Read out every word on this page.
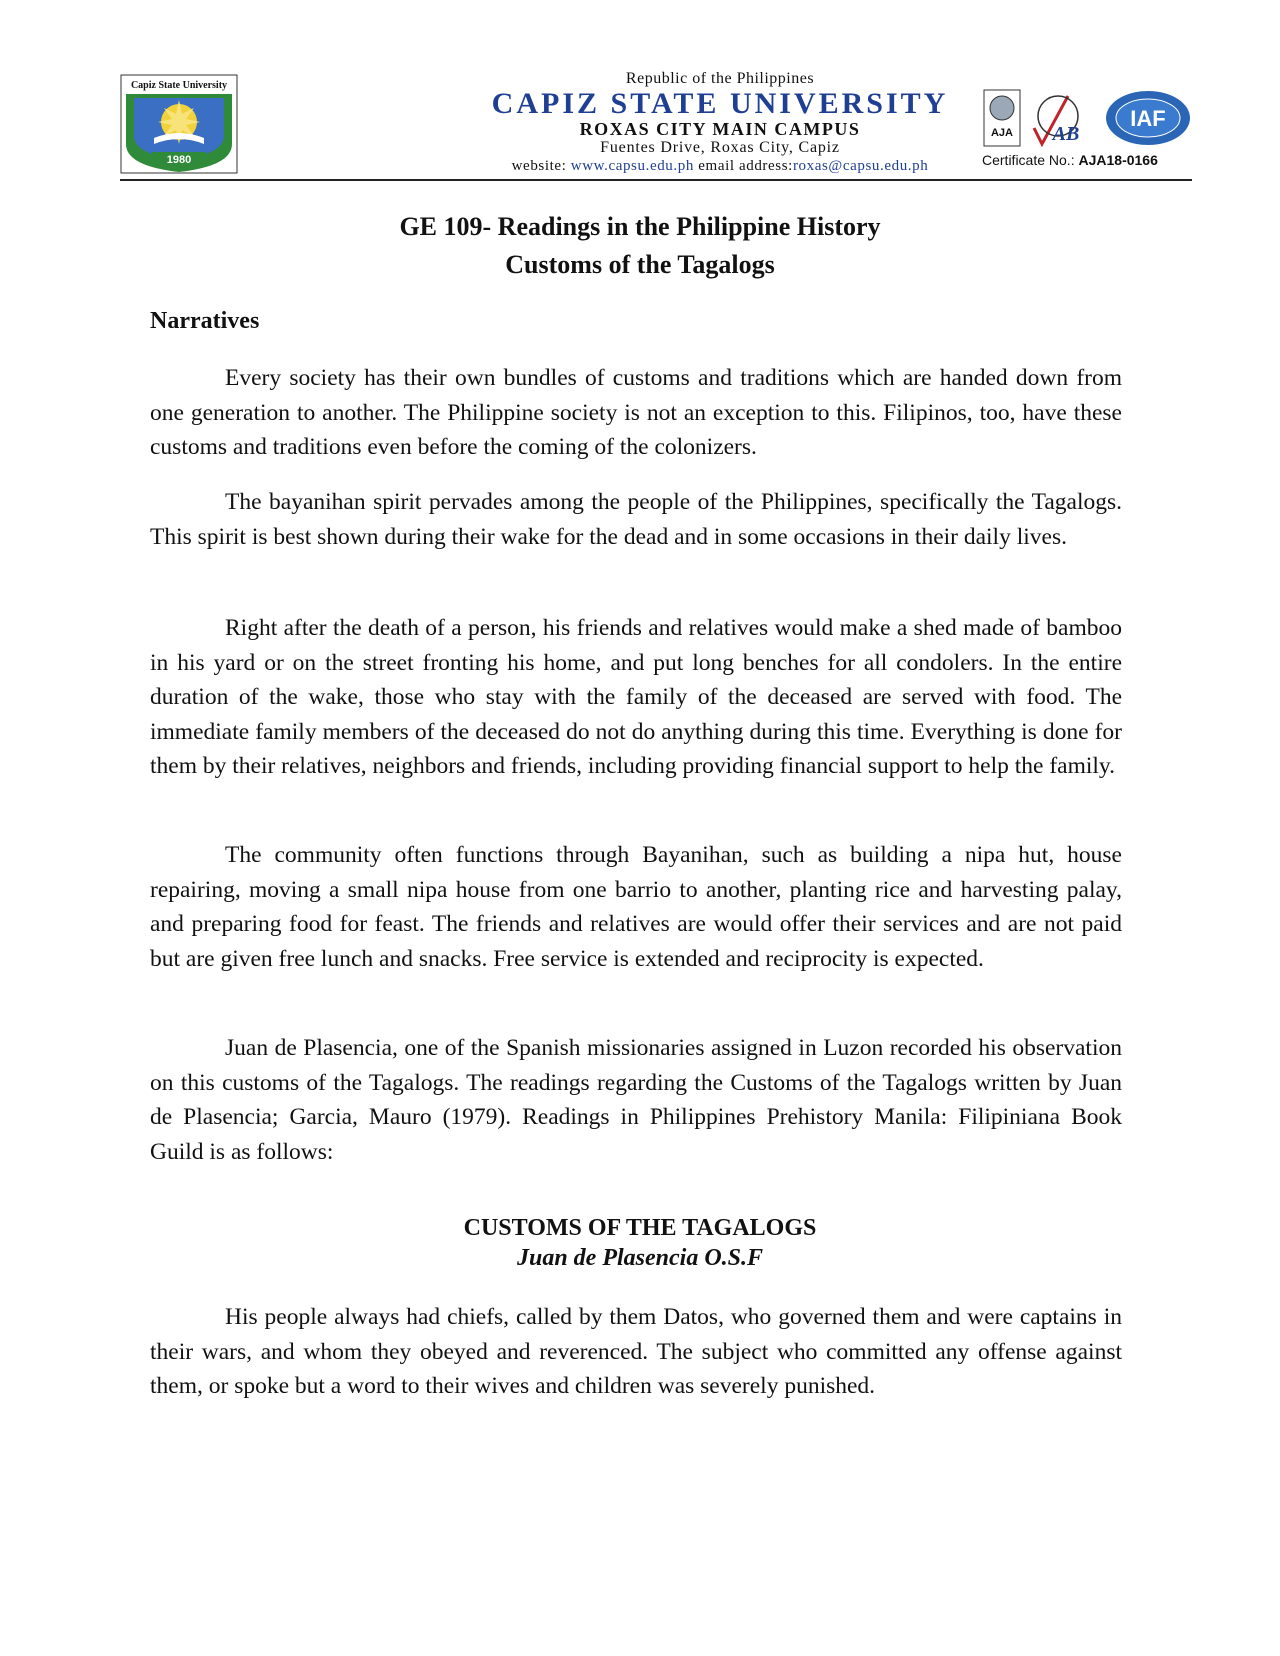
Capiz State University
1980
Republic of the Philippines
CAPIZ STATE UNIVERSITY
ROXAS CITY MAIN CAMPUS
Fuentes Drive, Roxas City, Capiz
website: www.capsu.edu.ph email address:roxas@capsu.edu.ph
AJA AB
IAF
Certificate No.: AJA18-0166
GE 109- Readings in the Philippine History
Customs of the Tagalogs
Narratives

Every society has their own bundles of customs and traditions which are handed down from one generation to another. The Philippine society is not an exception to this. Filipinos, too, have these customs and traditions even before the coming of the colonizers.

The bayanihan spirit pervades among the people of the Philippines, specifically the Tagalogs. This spirit is best shown during their wake for the dead and in some occasions in their daily lives.

Right after the death of a person, his friends and relatives would make a shed made of bamboo in his yard or on the street fronting his home, and put long benches for all condolers. In the entire duration of the wake, those who stay with the family of the deceased are served with food. The immediate family members of the deceased do not do anything during this time. Everything is done for them by their relatives, neighbors and friends, including providing financial support to help the family.

The community often functions through Bayanihan, such as building a nipa hut, house repairing, moving a small nipa house from one barrio to another, planting rice and harvesting palay, and preparing food for feast. The friends and relatives are would offer their services and are not paid but are given free lunch and snacks. Free service is extended and reciprocity is expected.

Juan de Plasencia, one of the Spanish missionaries assigned in Luzon recorded his observation on this customs of the Tagalogs. The readings regarding the Customs of the Tagalogs written by Juan de Plasencia; Garcia, Mauro (1979). Readings in Philippines Prehistory Manila: Filipiniana Book Guild is as follows:

CUSTOMS OF THE TAGALOGS
Juan de Plasencia O.S.F

His people always had chiefs, called by them Datos, who governed them and were captains in their wars, and whom they obeyed and reverenced. The subject who committed any offense against them, or spoke but a word to their wives and children was severely punished.
